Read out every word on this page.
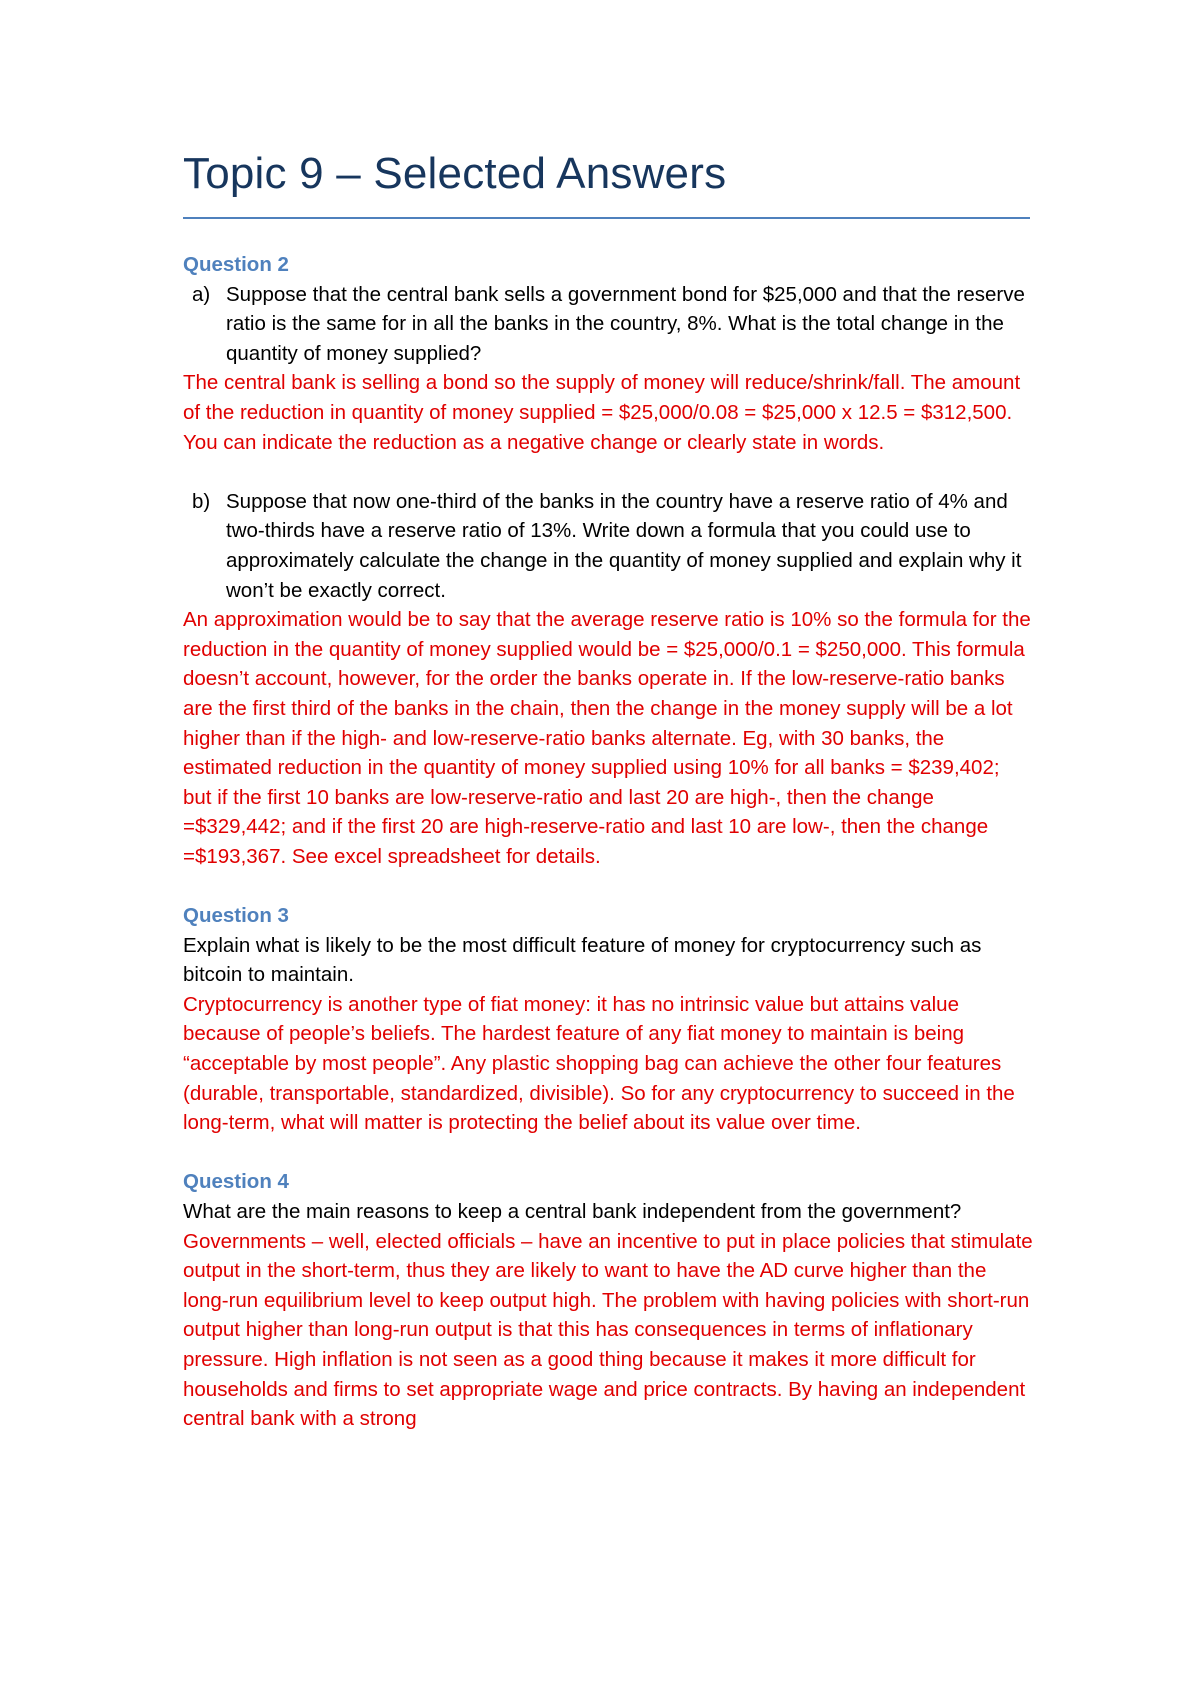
Topic 9 – Selected Answers

Question 2

a) Suppose that the central bank sells a government bond for $25,000 and that the reserve ratio is the same for in all the banks in the country, 8%. What is the total change in the quantity of money supplied?

The central bank is selling a bond so the supply of money will reduce/shrink/fall. The amount of the reduction in quantity of money supplied = $25,000/0.08 = $25,000 x 12.5 = $312,500. You can indicate the reduction as a negative change or clearly state in words.

b) Suppose that now one-third of the banks in the country have a reserve ratio of 4% and two-thirds have a reserve ratio of 13%. Write down a formula that you could use to approximately calculate the change in the quantity of money supplied and explain why it won’t be exactly correct.

An approximation would be to say that the average reserve ratio is 10% so the formula for the reduction in the quantity of money supplied would be = $25,000/0.1 = $250,000. This formula doesn’t account, however, for the order the banks operate in. If the low-reserve-ratio banks are the first third of the banks in the chain, then the change in the money supply will be a lot higher than if the high- and low-reserve-ratio banks alternate. Eg, with 30 banks, the estimated reduction in the quantity of money supplied using 10% for all banks = $239,402; but if the first 10 banks are low-reserve-ratio and last 20 are high-, then the change =$329,442; and if the first 20 are high-reserve-ratio and last 10 are low-, then the change =$193,367. See excel spreadsheet for details.

Question 3

Explain what is likely to be the most difficult feature of money for cryptocurrency such as bitcoin to maintain.

Cryptocurrency is another type of fiat money: it has no intrinsic value but attains value because of people’s beliefs. The hardest feature of any fiat money to maintain is being “acceptable by most people”. Any plastic shopping bag can achieve the other four features (durable, transportable, standardized, divisible). So for any cryptocurrency to succeed in the long-term, what will matter is protecting the belief about its value over time.

Question 4

What are the main reasons to keep a central bank independent from the government?

Governments – well, elected officials – have an incentive to put in place policies that stimulate output in the short-term, thus they are likely to want to have the AD curve higher than the long-run equilibrium level to keep output high. The problem with having policies with short-run output higher than long-run output is that this has consequences in terms of inflationary pressure. High inflation is not seen as a good thing because it makes it more difficult for households and firms to set appropriate wage and price contracts. By having an independent central bank with a strong
